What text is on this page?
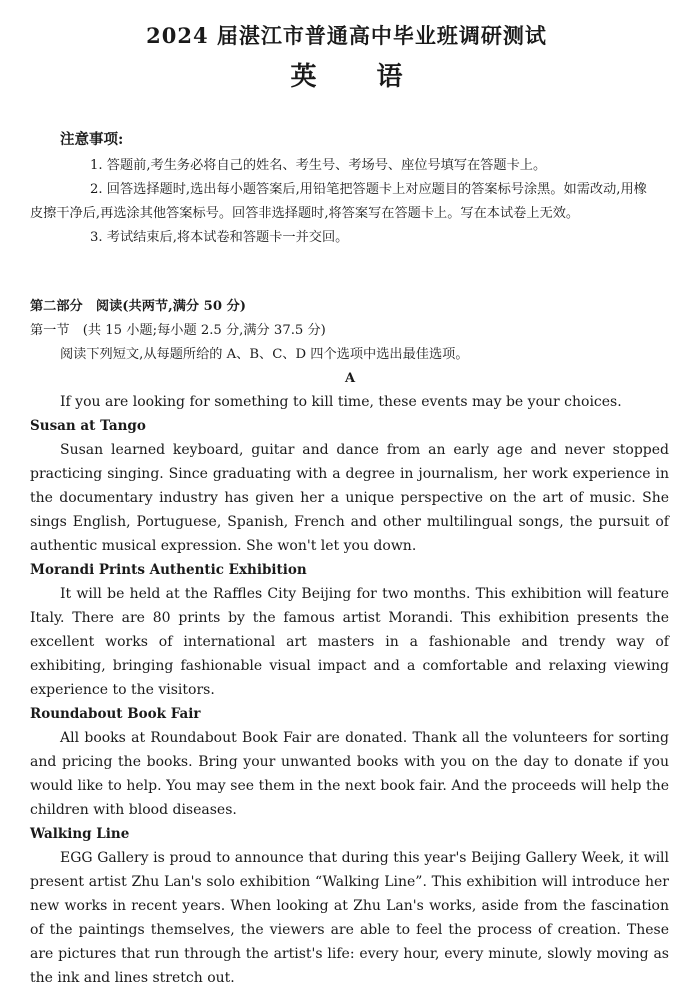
2024 届湛江市普通高中毕业班调研测试
英语
注意事项:
1. 答题前,考生务必将自己的姓名、考生号、考场号、座位号填写在答题卡上。
2. 回答选择题时,选出每小题答案后,用铅笔把答题卡上对应题目的答案标号涂黑。如需改动,用橡皮擦干净后,再选涂其他答案标号。回答非选择题时,将答案写在答题卡上。写在本试卷上无效。
3. 考试结束后,将本试卷和答题卡一并交回。
第二部分　阅读(共两节,满分 50 分)
第一节　(共 15 小题;每小题 2.5 分,满分 37.5 分)
阅读下列短文,从每题所给的 A、B、C、D 四个选项中选出最佳选项。
A

If you are looking for something to kill time, these events may be your choices.

Susan at Tango

Susan learned keyboard, guitar and dance from an early age and never stopped practicing singing. Since graduating with a degree in journalism, her work experience in the documentary industry has given her a unique perspective on the art of music. She sings English, Portuguese, Spanish, French and other multilingual songs, the pursuit of authentic musical expression. She won't let you down.

Morandi Prints Authentic Exhibition

It will be held at the Raffles City Beijing for two months. This exhibition will feature Italy. There are 80 prints by the famous artist Morandi. This exhibition presents the excellent works of international art masters in a fashionable and trendy way of exhibiting, bringing fashionable visual impact and a comfortable and relaxing viewing experience to the visitors.

Roundabout Book Fair

All books at Roundabout Book Fair are donated. Thank all the volunteers for sorting and pricing the books. Bring your unwanted books with you on the day to donate if you would like to help. You may see them in the next book fair. And the proceeds will help the children with blood diseases.

Walking Line

EGG Gallery is proud to announce that during this year's Beijing Gallery Week, it will present artist Zhu Lan's solo exhibition “Walking Line”. This exhibition will introduce her new works in recent years. When looking at Zhu Lan's works, aside from the fascination of the paintings themselves, the viewers are able to feel the process of creation. These are pictures that run through the artist's life: every hour, every minute, slowly moving as the ink and lines stretch out.
